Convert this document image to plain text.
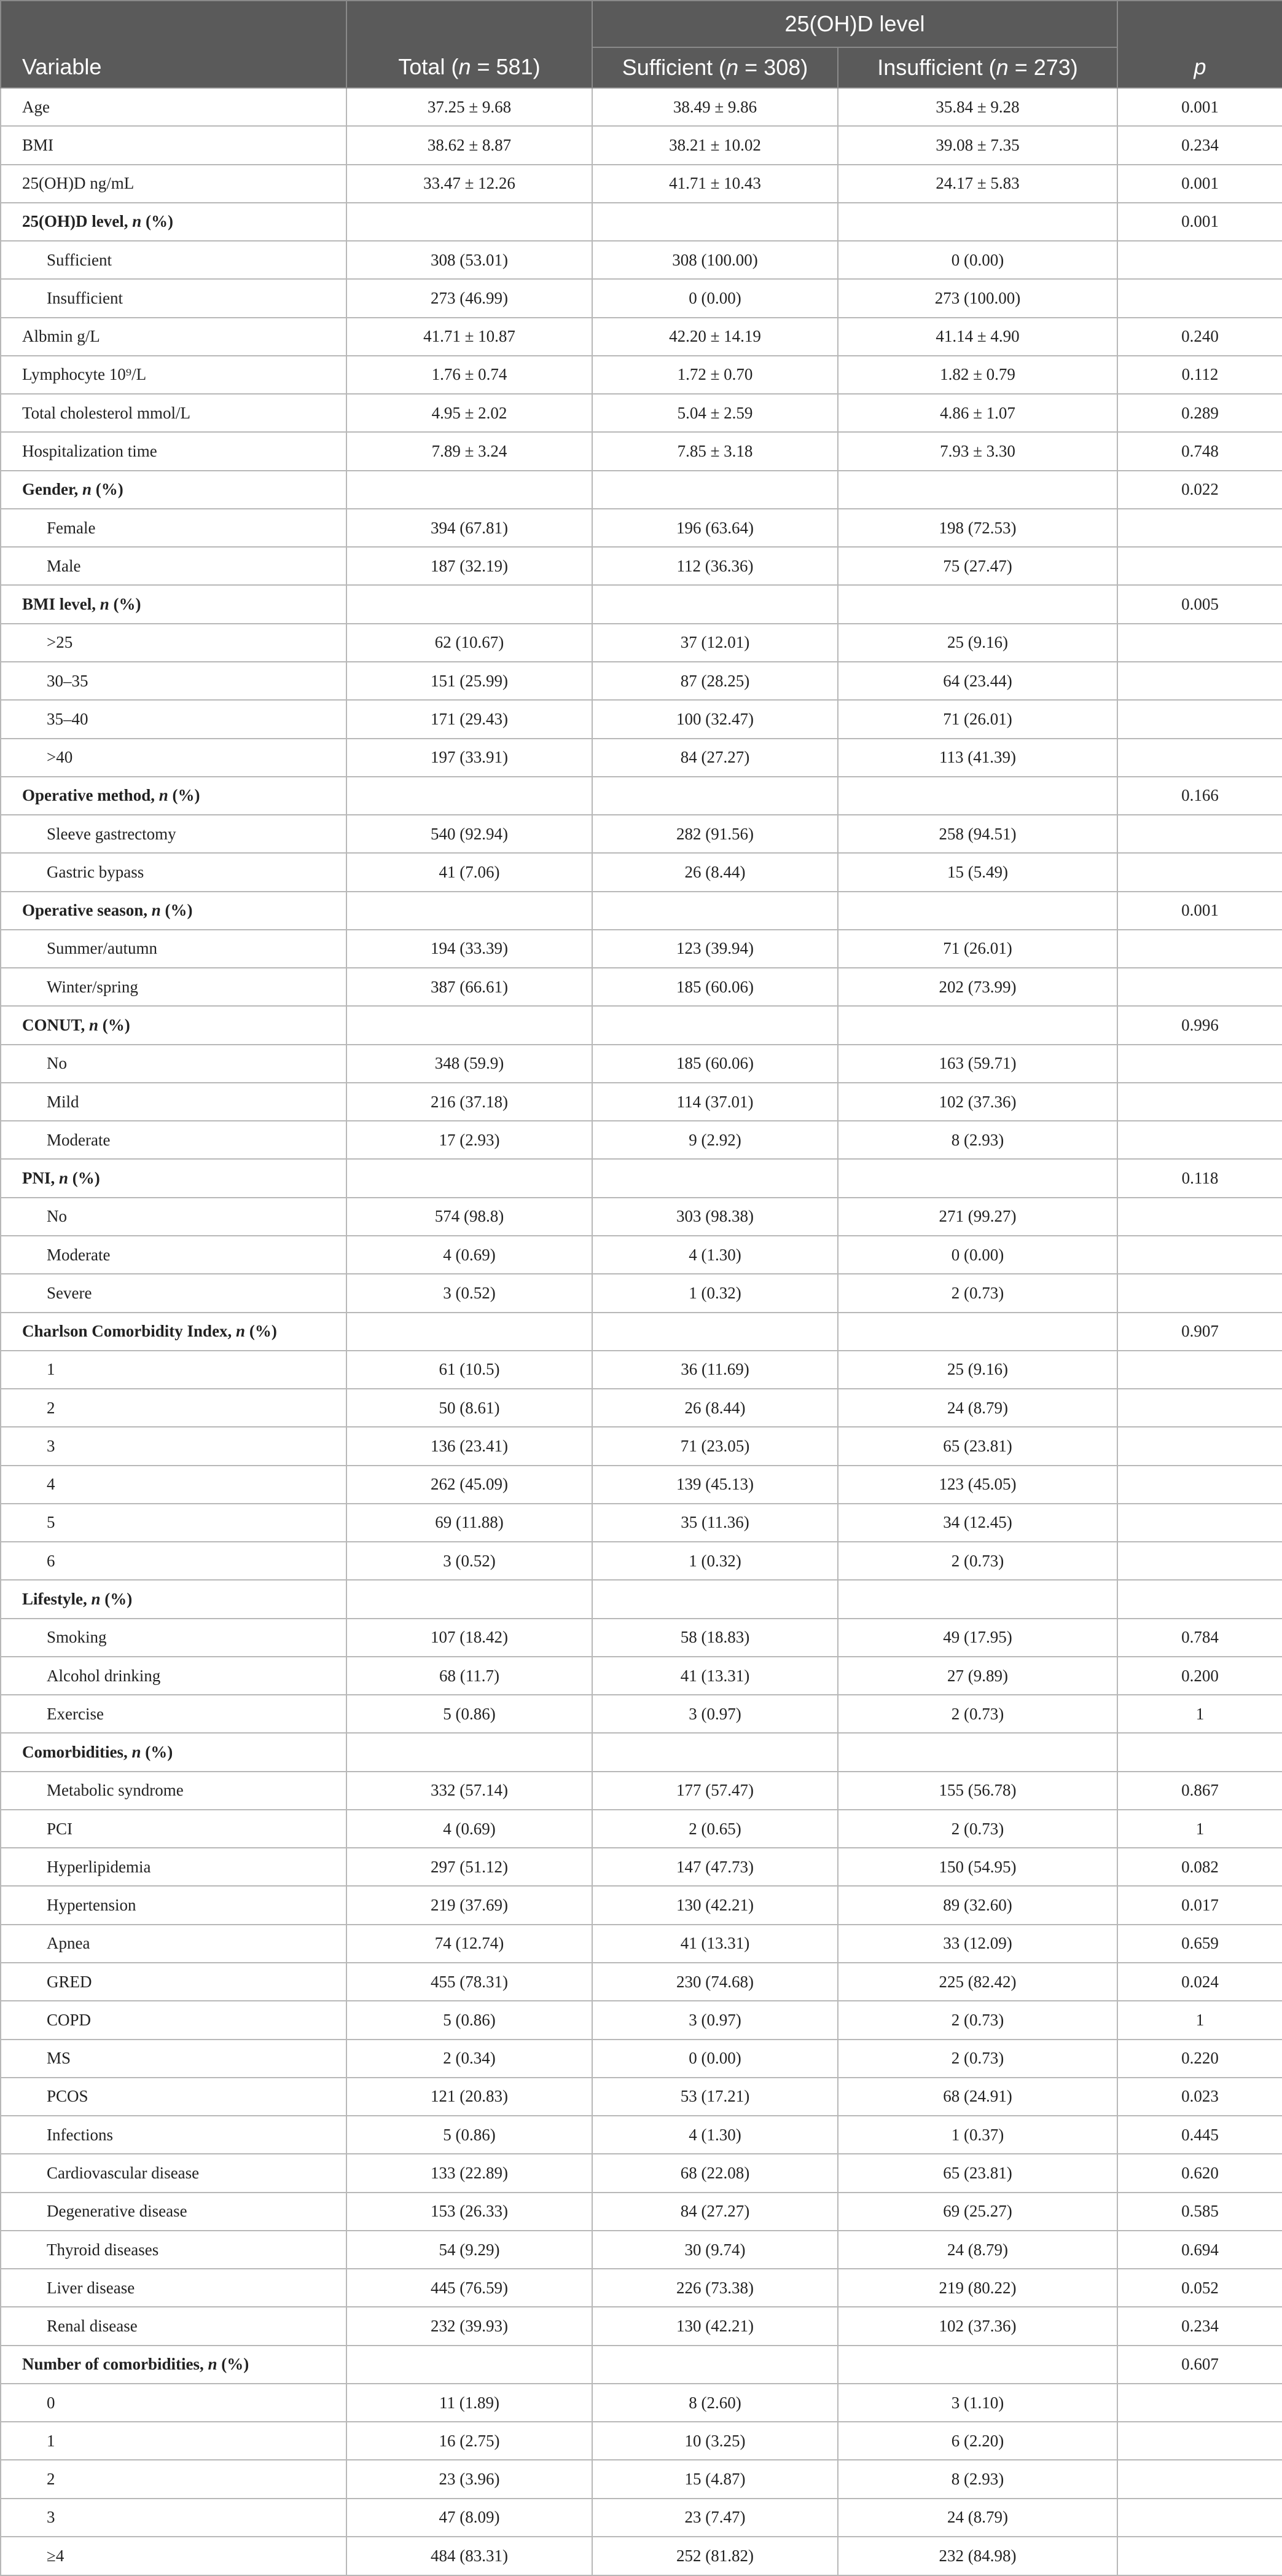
Variable	Total (n = 581)	25(OH)D level		p
		Sufficient (n = 308)	Insufficient (n = 273)	
Age	37.25 ± 9.68	38.49 ± 9.86	35.84 ± 9.28	0.001
BMI	38.62 ± 8.87	38.21 ± 10.02	39.08 ± 7.35	0.234
25(OH)D ng/mL	33.47 ± 12.26	41.71 ± 10.43	24.17 ± 5.83	0.001
25(OH)D level, n (%)				0.001
Sufficient	308 (53.01)	308 (100.00)	0 (0.00)	
Insufficient	273 (46.99)	0 (0.00)	273 (100.00)	
Albmin g/L	41.71 ± 10.87	42.20 ± 14.19	41.14 ± 4.90	0.240
Lymphocyte 10⁹/L	1.76 ± 0.74	1.72 ± 0.70	1.82 ± 0.79	0.112
Total cholesterol mmol/L	4.95 ± 2.02	5.04 ± 2.59	4.86 ± 1.07	0.289
Hospitalization time	7.89 ± 3.24	7.85 ± 3.18	7.93 ± 3.30	0.748
Gender, n (%)				0.022
Female	394 (67.81)	196 (63.64)	198 (72.53)	
Male	187 (32.19)	112 (36.36)	75 (27.47)	
BMI level, n (%)				0.005
>25	62 (10.67)	37 (12.01)	25 (9.16)	
30–35	151 (25.99)	87 (28.25)	64 (23.44)	
35–40	171 (29.43)	100 (32.47)	71 (26.01)	
>40	197 (33.91)	84 (27.27)	113 (41.39)	
Operative method, n (%)				0.166
Sleeve gastrectomy	540 (92.94)	282 (91.56)	258 (94.51)	
Gastric bypass	41 (7.06)	26 (8.44)	15 (5.49)	
Operative season, n (%)				0.001
Summer/autumn	194 (33.39)	123 (39.94)	71 (26.01)	
Winter/spring	387 (66.61)	185 (60.06)	202 (73.99)	
CONUT, n (%)				0.996
No	348 (59.9)	185 (60.06)	163 (59.71)	
Mild	216 (37.18)	114 (37.01)	102 (37.36)	
Moderate	17 (2.93)	9 (2.92)	8 (2.93)	
PNI, n (%)				0.118
No	574 (98.8)	303 (98.38)	271 (99.27)	
Moderate	4 (0.69)	4 (1.30)	0 (0.00)	
Severe	3 (0.52)	1 (0.32)	2 (0.73)	
Charlson Comorbidity Index, n (%)				0.907
1	61 (10.5)	36 (11.69)	25 (9.16)	
2	50 (8.61)	26 (8.44)	24 (8.79)	
3	136 (23.41)	71 (23.05)	65 (23.81)	
4	262 (45.09)	139 (45.13)	123 (45.05)	
5	69 (11.88)	35 (11.36)	34 (12.45)	
6	3 (0.52)	1 (0.32)	2 (0.73)	
Lifestyle, n (%)				
Smoking	107 (18.42)	58 (18.83)	49 (17.95)	0.784
Alcohol drinking	68 (11.7)	41 (13.31)	27 (9.89)	0.200
Exercise	5 (0.86)	3 (0.97)	2 (0.73)	1
Comorbidities, n (%)				
Metabolic syndrome	332 (57.14)	177 (57.47)	155 (56.78)	0.867
PCI	4 (0.69)	2 (0.65)	2 (0.73)	1
Hyperlipidemia	297 (51.12)	147 (47.73)	150 (54.95)	0.082
Hypertension	219 (37.69)	130 (42.21)	89 (32.60)	0.017
Apnea	74 (12.74)	41 (13.31)	33 (12.09)	0.659
GRED	455 (78.31)	230 (74.68)	225 (82.42)	0.024
COPD	5 (0.86)	3 (0.97)	2 (0.73)	1
MS	2 (0.34)	0 (0.00)	2 (0.73)	0.220
PCOS	121 (20.83)	53 (17.21)	68 (24.91)	0.023
Infections	5 (0.86)	4 (1.30)	1 (0.37)	0.445
Cardiovascular disease	133 (22.89)	68 (22.08)	65 (23.81)	0.620
Degenerative disease	153 (26.33)	84 (27.27)	69 (25.27)	0.585
Thyroid diseases	54 (9.29)	30 (9.74)	24 (8.79)	0.694
Liver disease	445 (76.59)	226 (73.38)	219 (80.22)	0.052
Renal disease	232 (39.93)	130 (42.21)	102 (37.36)	0.234
Number of comorbidities, n (%)				0.607
0	11 (1.89)	8 (2.60)	3 (1.10)	
1	16 (2.75)	10 (3.25)	6 (2.20)	
2	23 (3.96)	15 (4.87)	8 (2.93)	
3	47 (8.09)	23 (7.47)	24 (8.79)	
≥4	484 (83.31)	252 (81.82)	232 (84.98)	
